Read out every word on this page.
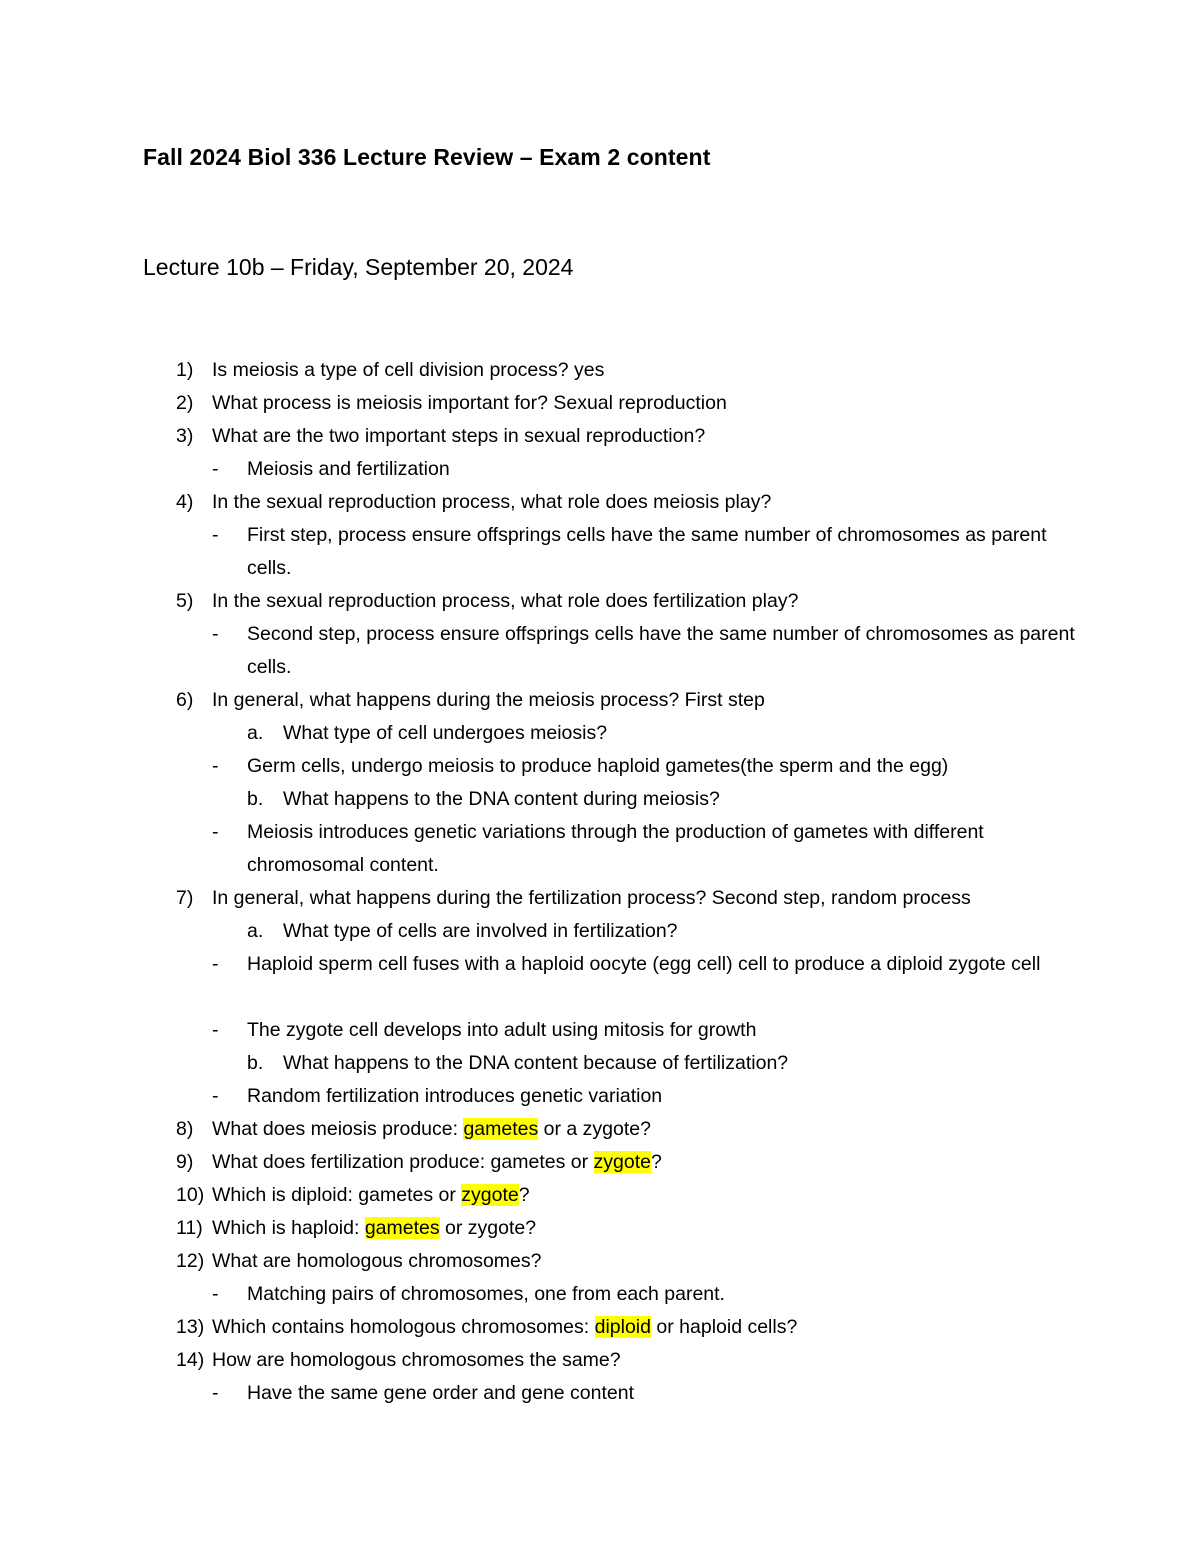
Fall 2024 Biol 336 Lecture Review – Exam 2 content
Lecture 10b – Friday, September 20, 2024
1) Is meiosis a type of cell division process? yes
2) What process is meiosis important for? Sexual reproduction
3) What are the two important steps in sexual reproduction?
- Meiosis and fertilization
4) In the sexual reproduction process, what role does meiosis play?
- First step, process ensure offsprings cells have the same number of chromosomes as parent cells.
5) In the sexual reproduction process, what role does fertilization play?
- Second step, process ensure offsprings cells have the same number of chromosomes as parent cells.
6) In general, what happens during the meiosis process? First step
a. What type of cell undergoes meiosis?
- Germ cells, undergo meiosis to produce haploid gametes(the sperm and the egg)
b. What happens to the DNA content during meiosis?
- Meiosis introduces genetic variations through the production of gametes with different chromosomal content.
7) In general, what happens during the fertilization process? Second step, random process
a. What type of cells are involved in fertilization?
- Haploid sperm cell fuses with a haploid oocyte (egg cell) cell to produce a diploid zygote cell
- The zygote cell develops into adult using mitosis for growth
b. What happens to the DNA content because of fertilization?
- Random fertilization introduces genetic variation
8) What does meiosis produce: gametes or a zygote?
9) What does fertilization produce: gametes or zygote?
10) Which is diploid: gametes or zygote?
11) Which is haploid: gametes or zygote?
12) What are homologous chromosomes?
- Matching pairs of chromosomes, one from each parent.
13) Which contains homologous chromosomes: diploid or haploid cells?
14) How are homologous chromosomes the same?
- Have the same gene order and gene content
